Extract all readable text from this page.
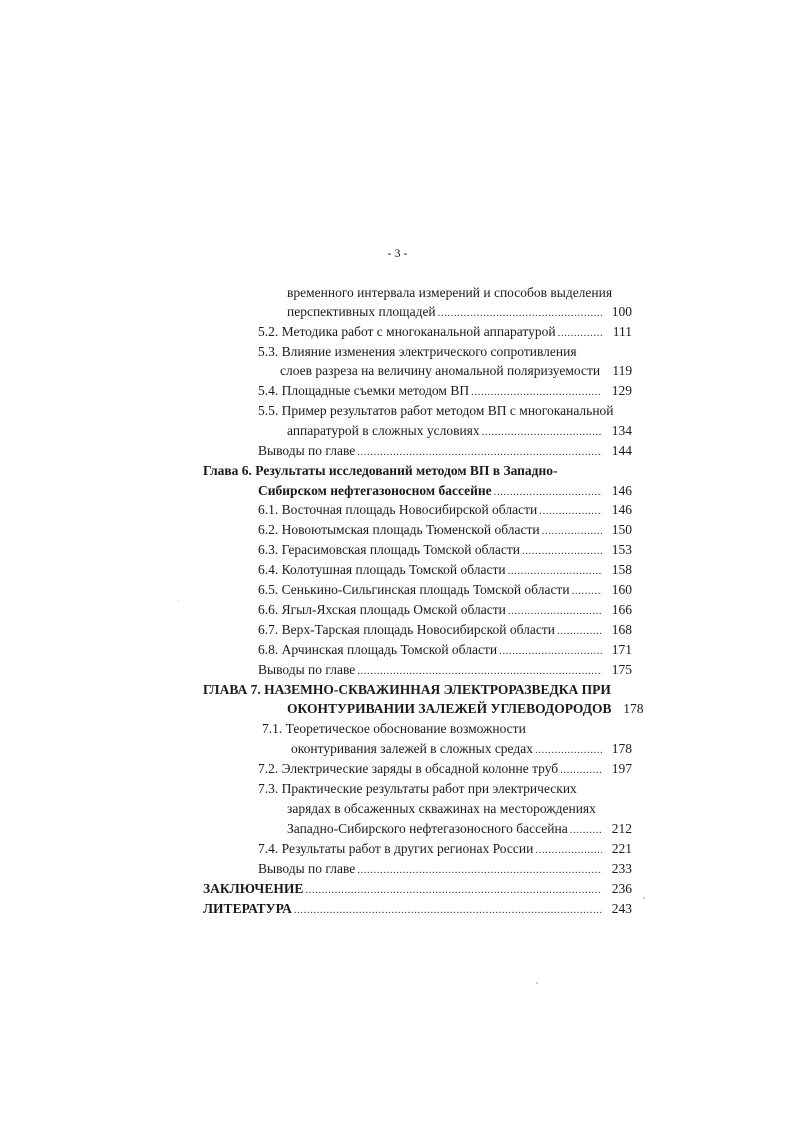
- 3 -
временного интервала измерений и способов выделения
перспективных площадей .....	100
5.2. Методика работ с многоканальной аппаратурой .....	111
5.3. Влияние изменения электрического сопротивления
слоев разреза на величину аномальной поляризуемости 119
5.4. Площадные съемки методом ВП .....	129
5.5. Пример результатов работ методом ВП с многоканальной
аппаратурой в сложных условиях .....	134
Выводы по главе .....	144
Глава 6. Результаты исследований методом ВП в Западно-
Сибирском нефтегазоносном бассейне .....	146
6.1. Восточная площадь Новосибирской области .....	146
6.2. Новоютымская площадь Тюменской области .....	150
6.3. Герасимовская площадь Томской области .....	153
6.4. Колотушная площадь Томской области .....	158
6.5. Сенькино-Сильгинская площадь Томской области .....	160
6.6. Ягыл-Яхская площадь Омской области .....	166
6.7. Верх-Тарская площадь Новосибирской области .....	168
6.8. Арчинская площадь Томской области .....	171
Выводы по главе .....	175
ГЛАВА 7. НАЗЕМНО-СКВАЖИННАЯ ЭЛЕКТРОРАЗВЕДКА ПРИ
ОКОНТУРИВАНИИ ЗАЛЕЖЕЙ УГЛЕВОДОРОДОВ 178
7.1. Теоретическое обоснование возможности
оконтуривания залежей в сложных средах .....	178
7.2. Электрические заряды в обсадной колонне труб .....	197
7.3. Практические результаты работ при электрических
зарядах в обсаженных скважинах на месторождениях
Западно-Сибирского нефтегазоносного бассейна .....	212
7.4. Результаты работ в других регионах России .....	221
Выводы по главе .....	233
ЗАКЛЮЧЕНИЕ .....	236
ЛИТЕРАТУРА .....	243
